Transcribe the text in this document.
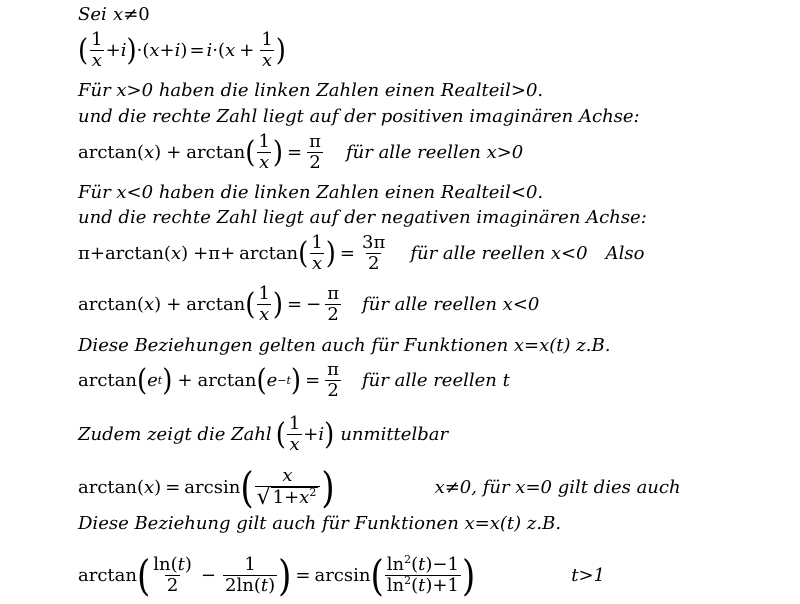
Sei x ≠ 0
( $\frac{1}{x} + i$ ) · ( x + i ) = i · ( $x + \frac{1}{x}$ )
Für x>0 haben die linken Zahlen einen Realteil>0.
und die rechte Zahl liegt auf der positiven imaginären Achse:
arctan ( x ) + arctan ( $\frac{1}{x}$ ) = $\frac{\pi}{2}$ für alle reellen x>0
Für x<0 haben die linken Zahlen einen Realteil<0.
und die rechte Zahl liegt auf der negativen imaginären Achse:
π + arctan ( x ) + π + arctan ( $\frac{1}{x}$ ) = $\frac{3\pi}{2}$ für alle reellen x<0 Also
arctan ( x ) + arctan ( $\frac{1}{x}$ ) = − $\frac{\pi}{2}$ für alle reellen x<0
Diese Beziehungen gelten auch für Funktionen x=x(t) z.B.
arctan ( e t ) + arctan ( e −t ) = $\frac{\pi}{2}$ für alle reellen t
Zudem zeigt die Zahl ( $\frac{1}{x} + i$ ) unmittelbar
arctan ( x ) = arcsin ( $\frac{x}{√ 1+x^2}$ )	x≠0, für x=0 gilt dies auch
Diese Beziehung gilt auch für Funktionen x=x(t) z.B.
arctan ( $\frac{\ln(t)}{2} - \frac{1}{2\ln(t)}$ ) = arcsin ( $\frac{\ln^2(t)-1}{\ln^2(t)+1}$ )	t>1
